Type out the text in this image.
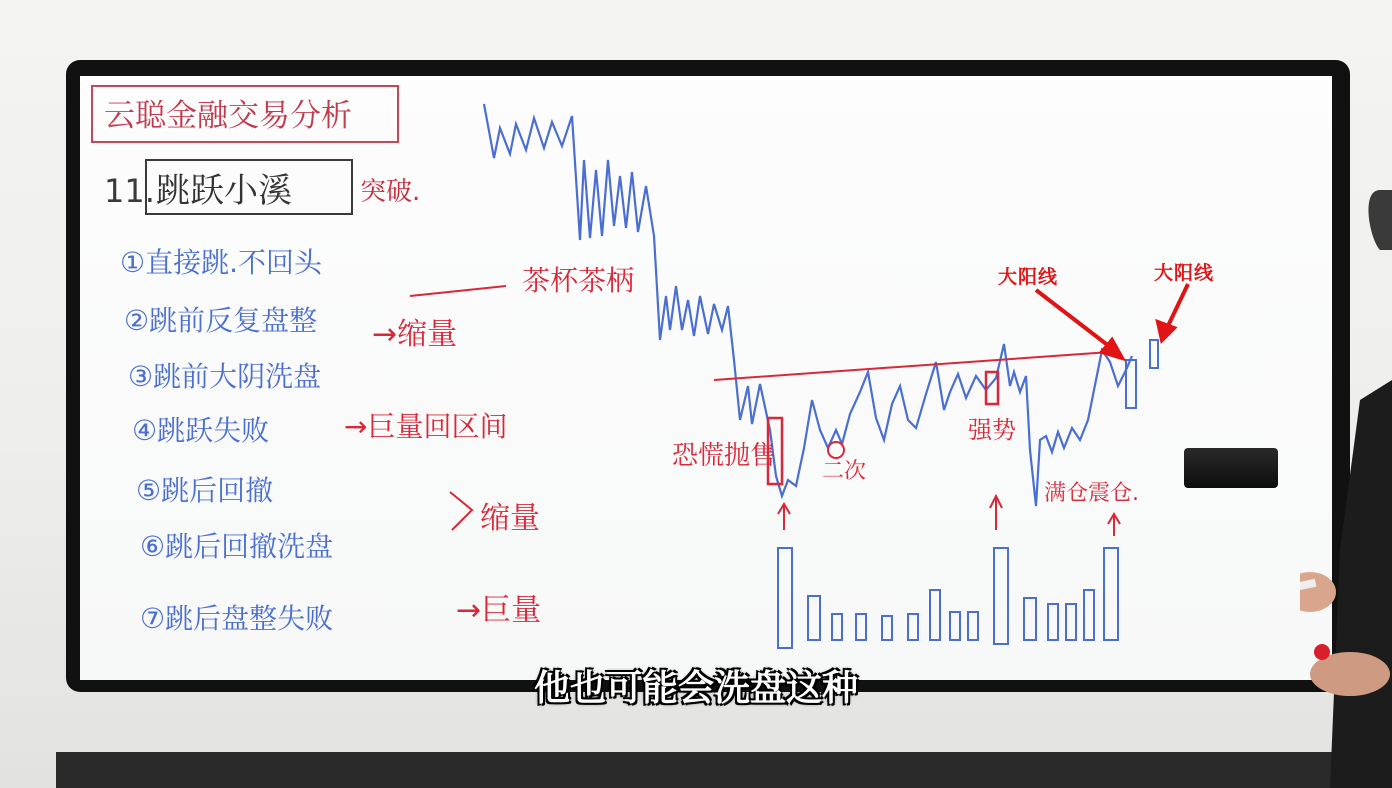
云聪金融交易分析
11. 跳跃小溪	突破.
①直接跳.不回头
②跳前反复盘整
③跳前大阴洗盘
④跳跃失败
⑤跳后回撤
⑥跳后回撤洗盘
⑦跳后盘整失败
→缩量
→巨量回区间
缩量
→巨量
茶杯茶柄
恐慌抛售
二次
强势
满仓震仓.
大阳线	大阳线
他也可能会洗盘这种
